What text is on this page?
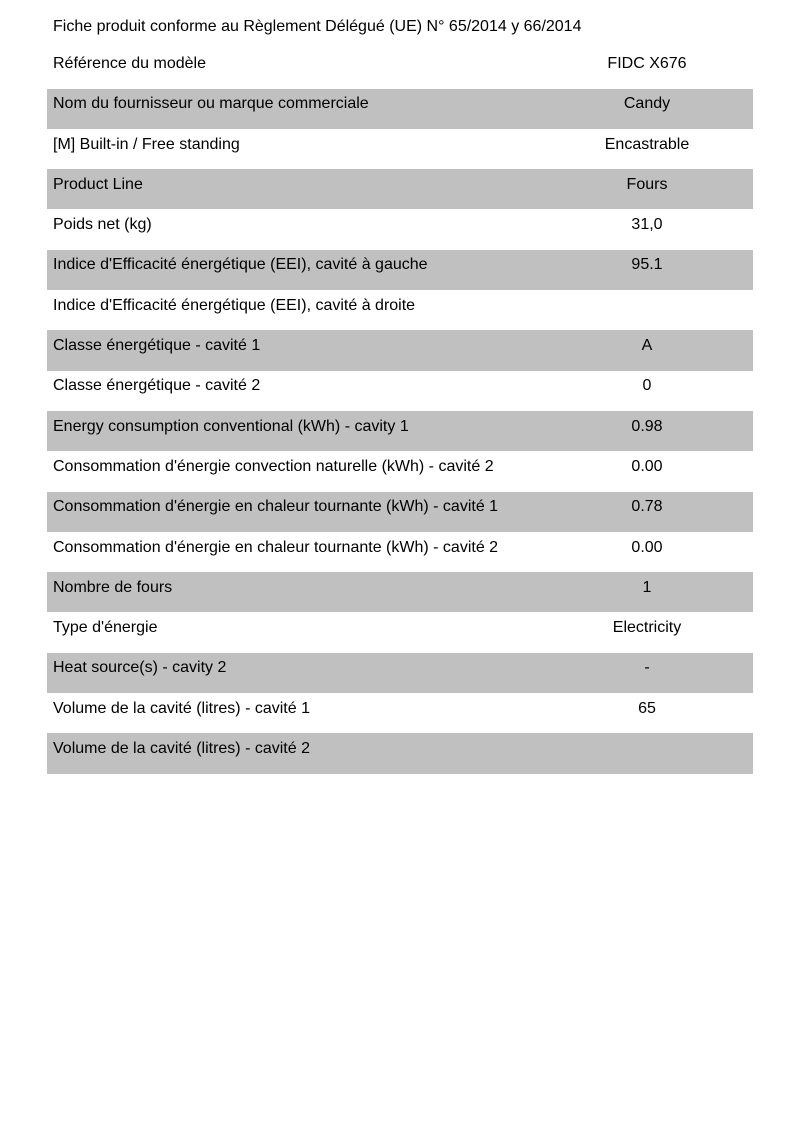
Fiche produit conforme au Règlement Délégué (UE) N° 65/2014 y 66/2014
Référence du modèle	FIDC X676
Nom du fournisseur ou marque commerciale	Candy
[M] Built-in / Free standing	Encastrable
Product Line	Fours
Poids net (kg)	31,0
Indice d'Efficacité énergétique (EEI), cavité à gauche	95.1
Indice d'Efficacité énergétique (EEI), cavité à droite
Classe énergétique - cavité 1	A
Classe énergétique - cavité 2	0
Energy consumption conventional (kWh) - cavity 1	0.98
Consommation d'énergie convection naturelle (kWh) - cavité 2	0.00
Consommation d'énergie en chaleur tournante (kWh) - cavité 1	0.78
Consommation d'énergie en chaleur tournante (kWh) - cavité 2	0.00
Nombre de fours	1
Type d'énergie	Electricity
Heat source(s) - cavity 2	-
Volume de la cavité (litres) - cavité 1	65
Volume de la cavité (litres) - cavité 2
